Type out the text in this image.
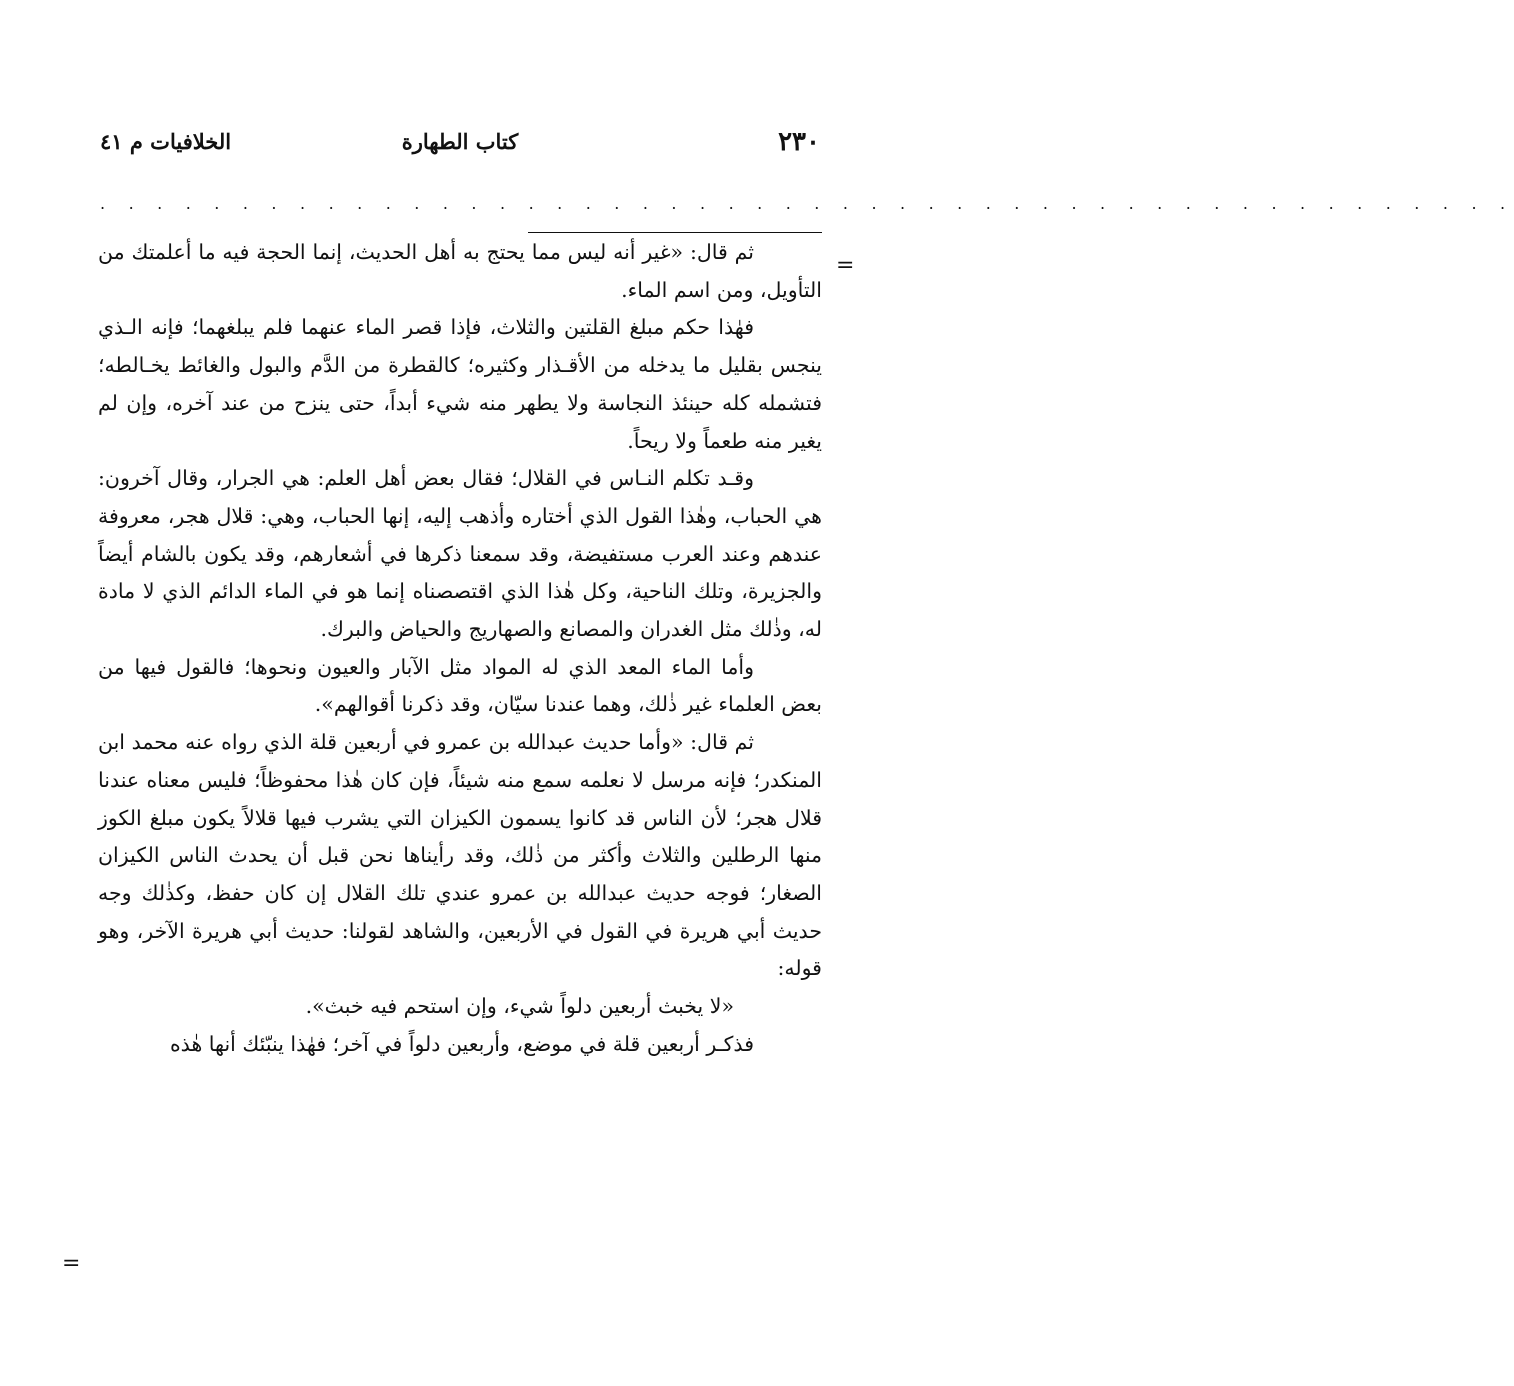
٢٣٠
كتاب الطهارة
الخلافيات م ٤١
. . . . . . . . . . . . . . . . . . . . . . . . . . . . . . . . . . . . . . . . . . . . . . . . . .
=
=

ثم قال: «غير أنه ليس مما يحتج به أهل الحديث، إنما الحجة فيه ما أعلمتك من التأويل، ومن اسم الماء.

فهٰذا حكم مبلغ القلتين والثلاث، فإذا قصر الماء عنهما فلم يبلغهما؛ فإنه الـذي ينجس بقليل ما يدخله من الأقـذار وكثيره؛ كالقطرة من الدَّم والبول والغائط يخـالطه؛ فتشمله كله حينئذ النجاسة ولا يطهر منه شيء أبداً، حتى ينزح من عند آخره، وإن لم يغير منه طعماً ولا ريحاً.

وقـد تكلم النـاس في القلال؛ فقال بعض أهل العلم: هي الجرار، وقال آخرون: هي الحباب، وهٰذا القول الذي أختاره وأذهب إليه، إنها الحباب، وهي: قلال هجر، معروفة عندهم وعند العرب مستفيضة، وقد سمعنا ذكرها في أشعارهم، وقد يكون بالشام أيضاً والجزيرة، وتلك الناحية، وكل هٰذا الذي اقتصصناه إنما هو في الماء الدائم الذي لا مادة له، وذٰلك مثل الغدران والمصانع والصهاريج والحياض والبرك.

وأما الماء المعد الذي له المواد مثل الآبار والعيون ونحوها؛ فالقول فيها من بعض العلماء غير ذٰلك، وهما عندنا سيّان، وقد ذكرنا أقوالهم».

ثم قال: «وأما حديث عبدالله بن عمرو في أربعين قلة الذي رواه عنه محمد ابن المنكدر؛ فإنه مرسل لا نعلمه سمع منه شيئاً، فإن كان هٰذا محفوظاً؛ فليس معناه عندنا قلال هجر؛ لأن الناس قد كانوا يسمون الكيزان التي يشرب فيها قلالاً يكون مبلغ الكوز منها الرطلين والثلاث وأكثر من ذٰلك، وقد رأيناها نحن قبل أن يحدث الناس الكيزان الصغار؛ فوجه حديث عبدالله بن عمرو عندي تلك القلال إن كان حفظ، وكذٰلك وجه حديث أبي هريرة في القول في الأربعين، والشاهد لقولنا: حديث أبي هريرة الآخر، وهو قوله:

«لا يخبث أربعين دلواً شيء، وإن استحم فيه خبث».

فذكـر أربعين قلة في موضع، وأربعين دلواً في آخر؛ فهٰذا ينبّئك أنها هٰذه
